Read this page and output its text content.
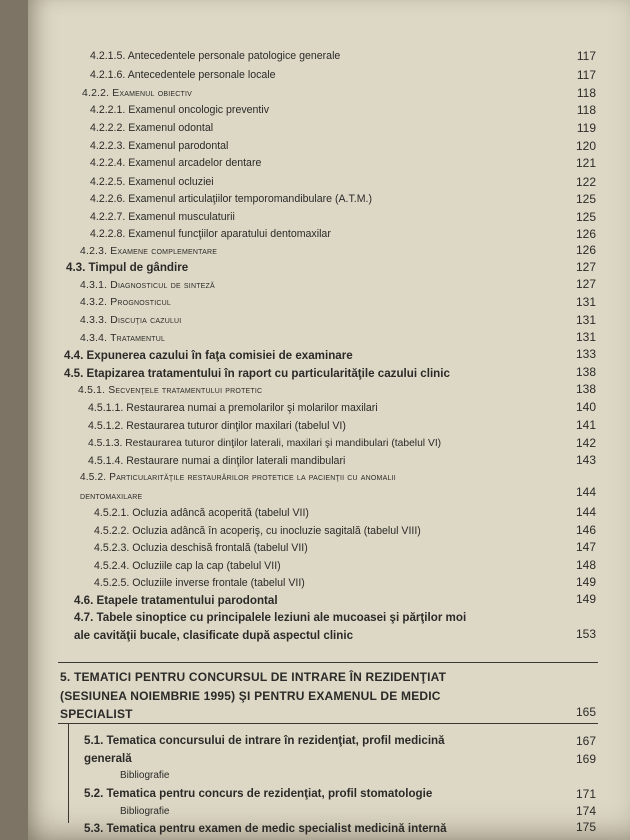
4.2.1.5. Antecedentele personale patologice generale	117
4.2.1.6. Antecedentele personale locale	117
4.2.2. Examenul obiectiv	118
4.2.2.1. Examenul oncologic preventiv	118
4.2.2.2. Examenul odontal	119
4.2.2.3. Examenul parodontal	120
4.2.2.4. Examenul arcadelor dentare	121
4.2.2.5. Examenul ocluziei	122
4.2.2.6. Examenul articulaţiilor temporomandibulare (A.T.M.)	125
4.2.2.7. Examenul musculaturii	125
4.2.2.8. Examenul funcţiilor aparatului dentomaxilar	126
4.2.3. Examene complementare	126
4.3. Timpul de gândire	127
4.3.1. Diagnosticul de sinteză	127
4.3.2. Prognosticul	131
4.3.3. Discuţia cazului	131
4.3.4. Tratamentul	131
4.4. Expunerea cazului în faţa comisiei de examinare	133
4.5. Etapizarea tratamentului în raport cu particularităţile cazului clinic	138
4.5.1. Secvenţele tratamentului protetic	138
4.5.1.1. Restaurarea numai a premolarilor şi molarilor maxilari	140
4.5.1.2. Restaurarea tuturor dinţilor maxilari (tabelul VI)	141
4.5.1.3. Restaurarea tuturor dinţilor laterali, maxilari şi mandibulari (tabelul VI)	142
4.5.1.4. Restaurare numai a dinţilor laterali mandibulari	143
4.5.2. Particularităţile restaurărilor protetice la pacienţii cu anomalii
dentomaxilare	144
4.5.2.1. Ocluzia adâncă acoperită (tabelul VII)	144
4.5.2.2. Ocluzia adâncă în acoperiş, cu inocluzie sagitală (tabelul VIII)	146
4.5.2.3. Ocluzia deschisă frontală (tabelul VII)	147
4.5.2.4. Ocluziile cap la cap (tabelul VII)	148
4.5.2.5. Ocluziile inverse frontale (tabelul VII)	149
4.6. Etapele tratamentului parodontal	149
4.7. Tabele sinoptice cu principalele leziuni ale mucoasei şi părţilor moi
ale cavităţii bucale, clasificate după aspectul clinic	153
5. TEMATICI PENTRU CONCURSUL DE INTRARE ÎN REZIDENŢIAT
(SESIUNEA NOIEMBRIE 1995) ŞI PENTRU EXAMENUL DE MEDIC
SPECIALIST	165
5.1. Tematica concursului de intrare în rezidenţiat, profil medicină	167
generală	169
Bibliografie
5.2. Tematica pentru concurs de rezidenţiat, profil stomatologie	171
Bibliografie	174
5.3. Tematica pentru examen de medic specialist medicină internă	175
